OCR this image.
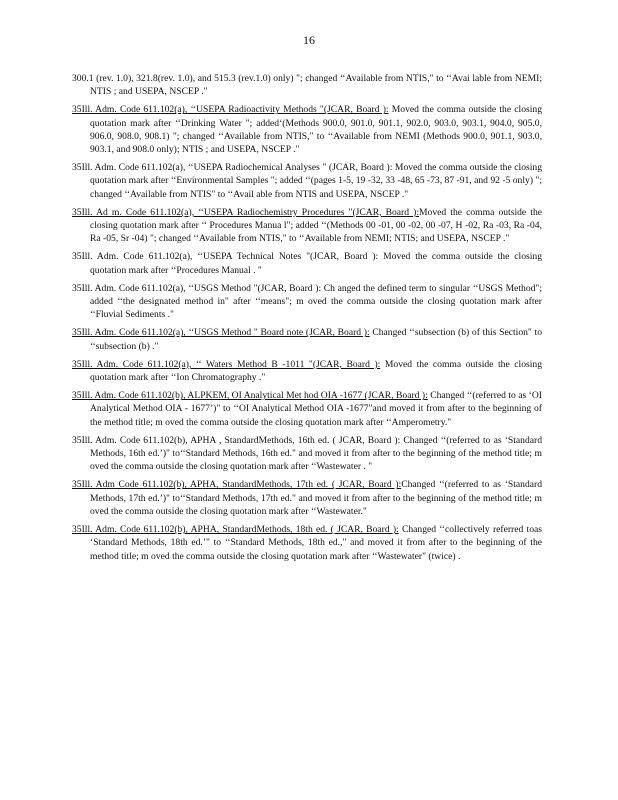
16

300.1 (rev. 1.0), 321.8(rev. 1.0), and 515.3 (rev.1.0) only) "; changed ‘‘Available from NTIS," to ‘‘Avai lable from NEMI; NTIS ; and USEPA, NSCEP ."

35Ill. Adm. Code 611.102(a), ‘‘USEPA Radioactivity Methods "(JCAR, Board ): Moved the comma outside the closing quotation mark after ‘‘Drinking Water "; added‘(Methods 900.0, 901.0, 901.1, 902.0, 903.0, 903.1, 904.0, 905.0, 906.0, 908.0, 908.1) "; changed ‘‘Available from NTIS," to ‘‘Available from NEMI (Methods 900.0, 901.1, 903.0, 903.1, and 908.0 only); NTIS ; and USEPA, NSCEP ."

35Ill. Adm. Code 611.102(a), ‘‘USEPA Radiochemical Analyses " (JCAR, Board ): Moved the comma outside the closing quotation mark after ‘‘Environmental Samples "; added ‘‘(pages 1-5, 19 -32, 33 -48, 65 -73, 87 -91, and 92 -5 only) "; changed ‘‘Available from NTIS" to ‘‘Avail able from NTIS and USEPA, NSCEP ."

35Ill. Ad m. Code 611.102(a), ‘‘USEPA Radiochemistry Procedures "(JCAR, Board ):Moved the comma outside the closing quotation mark after ‘‘ Procedures Manua l"; added ‘‘(Methods 00 -01, 00 -02, 00 -07, H -02, Ra -03, Ra -04, Ra -05, Sr -04) "; changed ‘‘Available from NTIS," to ‘‘Available from NEMI; NTIS; and USEPA, NSCEP ."

35Ill. Adm. Code 611.102(a), ‘‘USEPA Technical Notes "(JCAR, Board ): Moved the comma outside the closing quotation mark after ‘‘Procedures Manual . "

35Ill. Adm. Code 611.102(a), ‘‘USGS Method "(JCAR, Board ): Ch anged the defined term to singular ‘‘USGS Method"; added ‘‘the designated method in" after ‘‘means"; m oved the comma outside the closing quotation mark after ‘‘Fluvial Sediments ."

35Ill. Adm. Code 611.102(a), ‘‘USGS Method " Board note (JCAR, Board ): Changed ‘‘subsection (b) of this Section" to ‘‘subsection (b) ."

35Ill. Adm. Code 611.102(a), ‘‘ Waters Method B -1011 "(JCAR, Board ): Moved the comma outside the closing quotation mark after ‘‘Ion Chromatography ."

35Ill. Adm. Code 611.102(b), ALPKEM, OI Analytical Met hod OIA -1677 (JCAR, Board ): Changed ‘‘(referred to as ‘OI Analytical Method OIA - 1677’)" to ‘‘OI Analytical Method OIA -1677"and moved it from after to the beginning of the method title; m oved the comma outside the closing quotation mark after ‘‘Amperometry."

35Ill. Adm. Code 611.102(b), APHA , StandardMethods, 16th ed. ( JCAR, Board ): Changed ‘‘(referred to as ‘Standard Methods, 16th ed.’)" to‘‘Standard Methods, 16th ed." and moved it from after to the beginning of the method title; m oved the comma outside the closing quotation mark after ‘‘Wastewater . "

35Ill. Adm Code 611.102(b), APHA, StandardMethods, 17th ed. ( JCAR, Board ):Changed ‘‘(referred to as ‘Standard Methods, 17th ed.’)" to‘‘Standard Methods, 17th ed." and moved it from after to the beginning of the method title; m oved the comma outside the closing quotation mark after ‘‘Wastewater."

35Ill. Adm. Code 611.102(b), APHA, StandardMethods, 18th ed. ( JCAR, Board ): Changed ‘‘collectively referred toas ‘Standard Methods, 18th ed.’" to ‘‘Standard Methods, 18th ed.," and moved it from after to the beginning of the method title; m oved the comma outside the closing quotation mark after ‘‘Wastewater" (twice) .
